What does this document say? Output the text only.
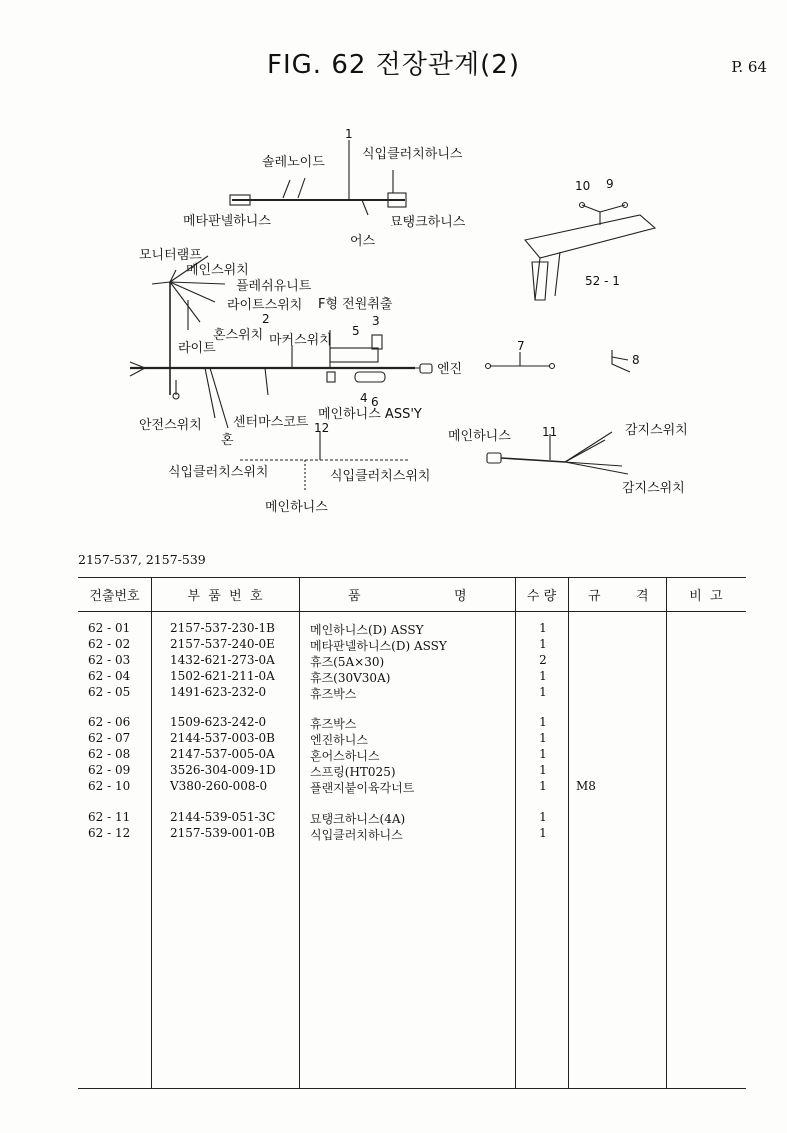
FIG. 62 전장관계(2)	P. 64
솔레노이드
식입클러치하니스
메타판넬하니스	묘탱크하니스
어스
모니터램프
메인스위치
플레쉬유니트
라이트스위치 F형 전원취출
혼스위치 마커스위치
라이트
엔진
안전스위치 센터마스코트
혼
메인하니스 ASS'Y
메인하니스	감지스위치
감지스위치
식입클러치스위치	식입클러치스위치
메인하니스
1
2	3
4
5
6
7
8
9
10
11
12
52 - 1
2157-537, 2157-539
건출번호	부  품  번  호	품	명	수 량	규	격	비  고
62 - 01	2157-537-230-1B	메인하니스(D) ASSY	1
62 - 02	2157-537-240-0E	메타판넬하니스(D) ASSY	1
62 - 03	1432-621-273-0A	휴즈(5A×30)	2
62 - 04	1502-621-211-0A	휴즈(30V30A)	1
62 - 05	1491-623-232-0	휴즈박스	1
62 - 06	1509-623-242-0	휴즈박스	1
62 - 07	2144-537-003-0B	엔진하니스	1
62 - 08	2147-537-005-0A	혼어스하니스	1
62 - 09	3526-304-009-1D	스프링(HT025)	1
62 - 10	V380-260-008-0	플랜지붙이육각너트	1	M8
62 - 11	2144-539-051-3C	묘탱크하니스(4A)	1
62 - 12	2157-539-001-0B	식입클러치하니스	1
